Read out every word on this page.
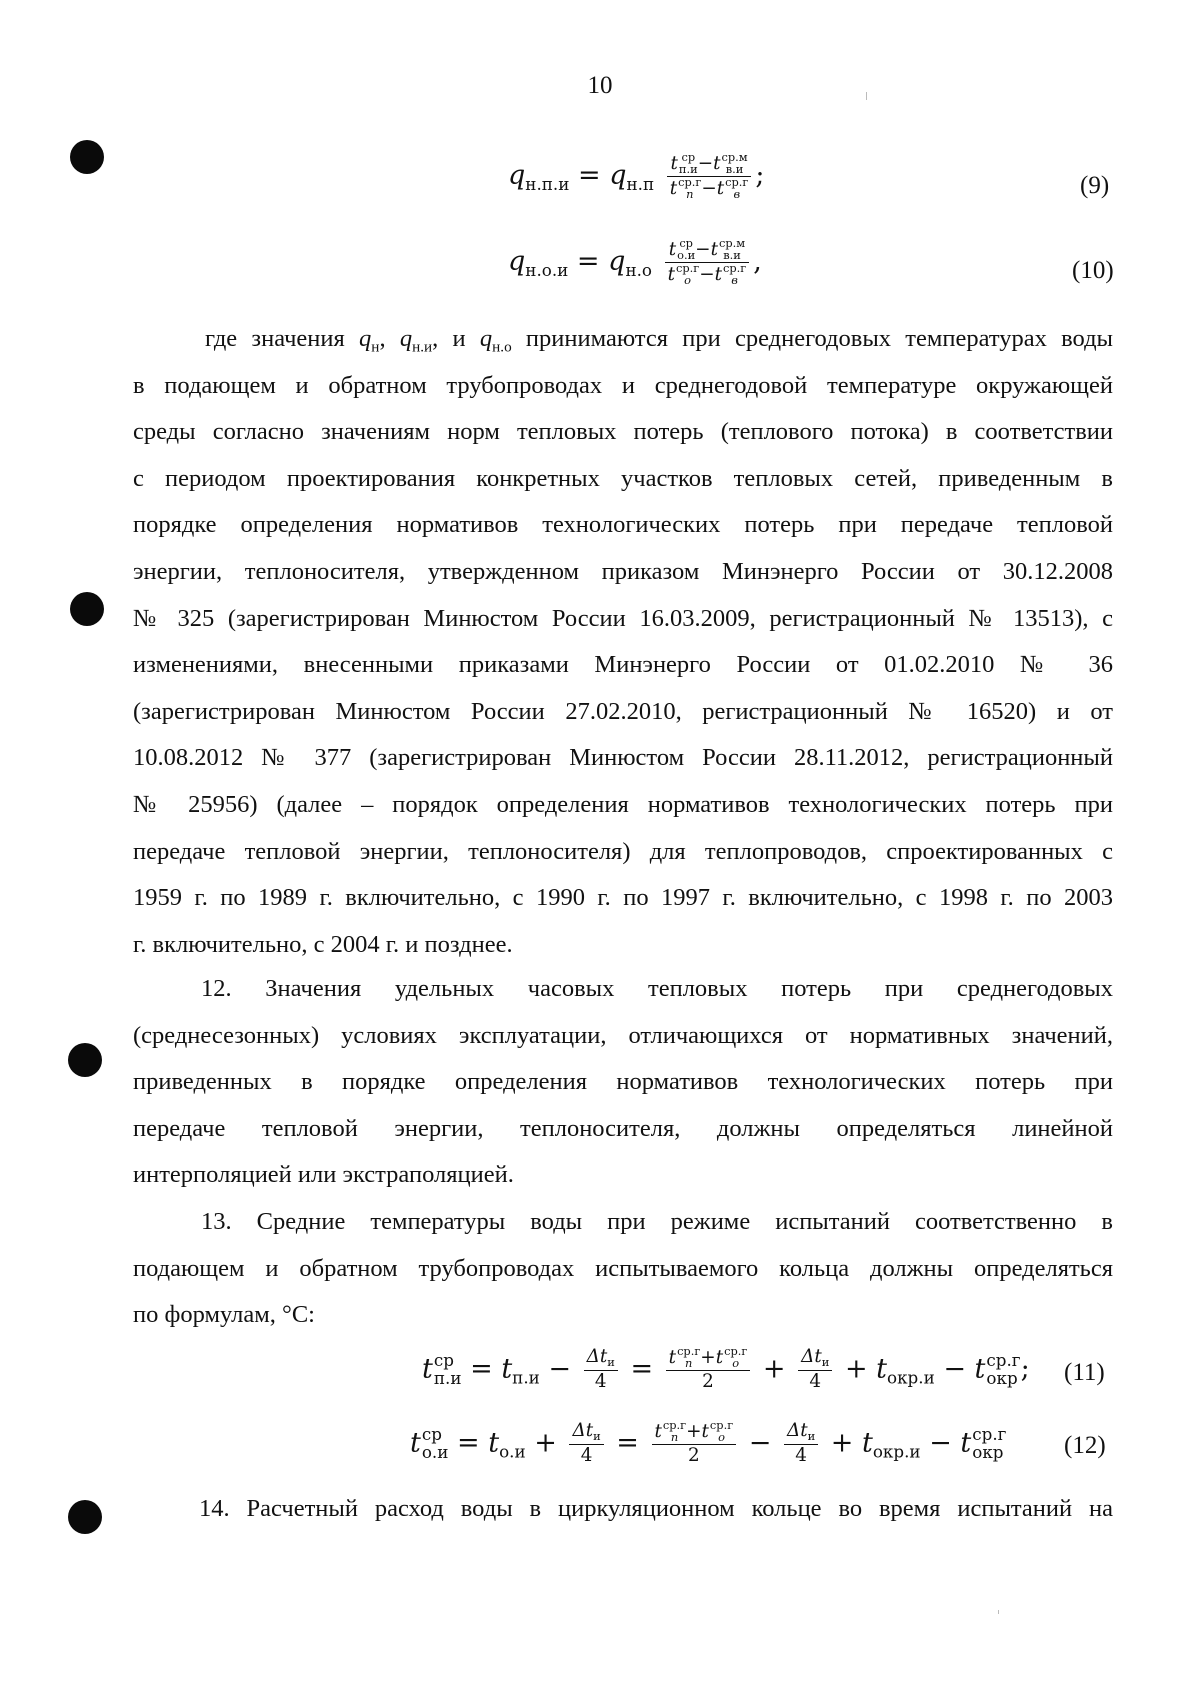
10
$q_{н.п.и} = q_{н.п}$ t ср
п.и −t ср.м
в.и
t ср.г
п −t ср.г
в ;	(9)
$q_{н.о.и} = q_{н.о}$ t ср
о.и −t ср.м
в.и
t ср.г
о −t ср.г
в ,	(10)
где значения $q_н$, $q_{н.и}$, и $q_{н.о}$ принимаются при среднегодовых температурах воды
в подающем и обратном трубопроводах и среднегодовой температуре окружающей
среды согласно значениям норм тепловых потерь (теплового потока) в соответствии
с периодом проектирования конкретных участков тепловых сетей, приведенным в
порядке определения нормативов технологических потерь при передаче тепловой
энергии, теплоносителя, утвержденном приказом Минэнерго России от 30.12.2008
№ 325 (зарегистрирован Минюстом России 16.03.2009, регистрационный № 13513), с
изменениями, внесенными приказами Минэнерго России от 01.02.2010 № 36
(зарегистрирован Минюстом России 27.02.2010, регистрационный № 16520) и от
10.08.2012 № 377 (зарегистрирован Минюстом России 28.11.2012, регистрационный
№ 25956) (далее – порядок определения нормативов технологических потерь при
передаче тепловой энергии, теплоносителя) для теплопроводов, спроектированных с
1959 г. по 1989 г. включительно, с 1990 г. по 1997 г. включительно, с 1998 г. по 2003
г. включительно, с 2004 г. и позднее.
12. Значения удельных часовых тепловых потерь при среднегодовых
(среднесезонных) условиях эксплуатации, отличающихся от нормативных значений,
приведенных в порядке определения нормативов технологических потерь при
передаче тепловой энергии, теплоносителя, должны определяться линейной
интерполяцией или экстраполяцией.
13. Средние температуры воды при режиме испытаний соответственно в
подающем и обратном трубопроводах испытываемого кольца должны определяться
по формулам, °С:
t ср
$п.и = t_{п.и} - \frac{\Delta t_и}{4} = t$ ср.г
п +t ср.г
о
$2 + \frac{\Delta t_и}{4} + t_{окр.и} - t$ ср.г
окр ; (11)
t ср
$о.и = t_{о.и} + \frac{\Delta t_и}{4} = t$ ср.г
п +t ср.г
о
$2 - \frac{\Delta t_и}{4} + t_{окр.и} - t$ ср.г
окр (12)
14. Расчетный расход воды в циркуляционном кольце во время испытаний на
